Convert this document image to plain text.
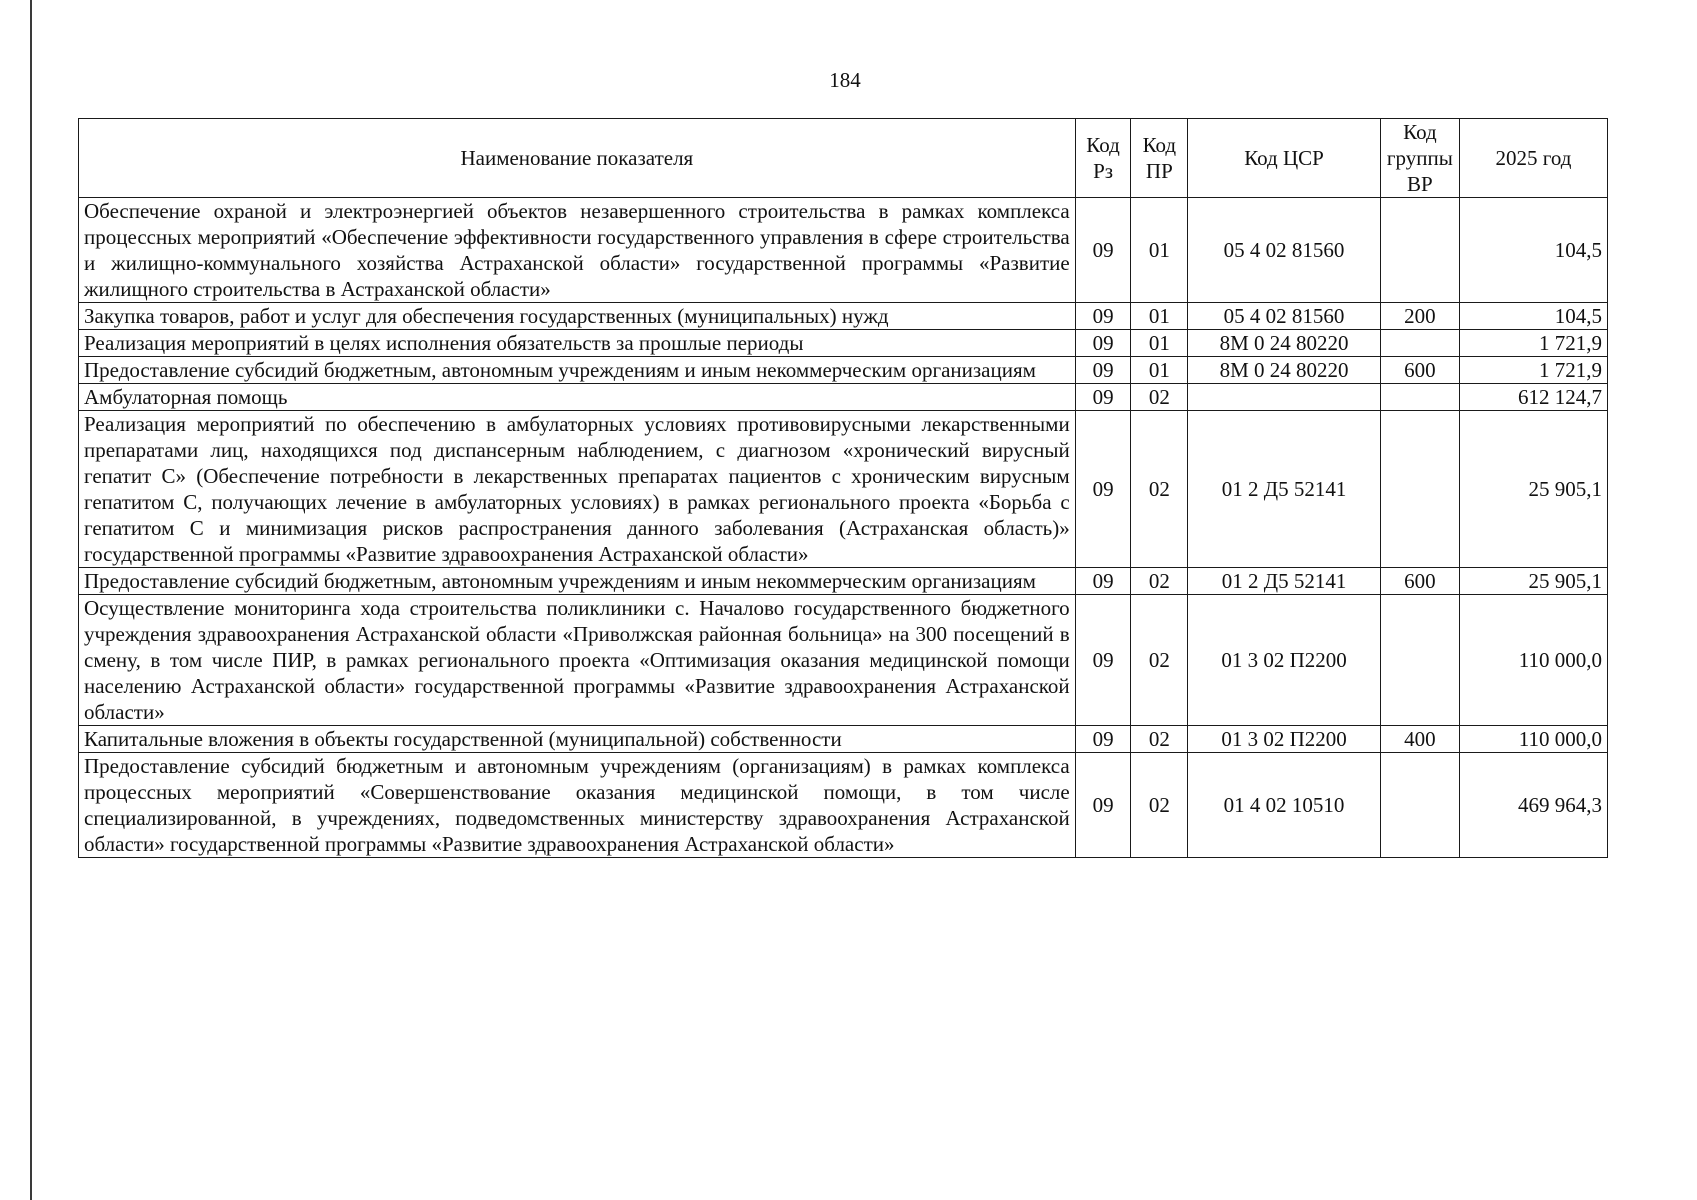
184
Наименование показателя	Код Рз	Код ПР	Код ЦСР	Код группы ВР	2025 год
Обеспечение охраной и электроэнергией объектов незавершенного строительства в рамках комплекса процессных мероприятий «Обеспечение эффективности государственного управления в сфере строительства и жилищно-коммунального хозяйства Астраханской области» государственной программы «Развитие жилищного строительства в Астраханской области»	09	01	05 4 02 81560		104,5
Закупка товаров, работ и услуг для обеспечения государственных (муниципальных) нужд	09	01	05 4 02 81560	200	104,5
Реализация мероприятий в целях исполнения обязательств за прошлые периоды	09	01	8М 0 24 80220		1 721,9
Предоставление субсидий бюджетным, автономным учреждениям и иным некоммерческим организациям	09	01	8М 0 24 80220	600	1 721,9
Амбулаторная помощь	09	02			612 124,7
Реализация мероприятий по обеспечению в амбулаторных условиях противовирусными лекарственными препаратами лиц, находящихся под диспансерным наблюдением, с диагнозом «хронический вирусный гепатит С» (Обеспечение потребности в лекарственных препаратах пациентов с хроническим вирусным гепатитом С, получающих лечение в амбулаторных условиях) в рамках регионального проекта «Борьба с гепатитом С и минимизация рисков распространения данного заболевания (Астраханская область)» государственной программы «Развитие здравоохранения Астраханской области»	09	02	01 2 Д5 52141		25 905,1
Предоставление субсидий бюджетным, автономным учреждениям и иным некоммерческим организациям	09	02	01 2 Д5 52141	600	25 905,1
Осуществление мониторинга хода строительства поликлиники с. Началово государственного бюджетного учреждения здравоохранения Астраханской области «Приволжская районная больница» на 300 посещений в смену, в том числе ПИР, в рамках регионального проекта «Оптимизация оказания медицинской помощи населению Астраханской области» государственной программы «Развитие здравоохранения Астраханской области»	09	02	01 3 02 П2200		110 000,0
Капитальные вложения в объекты государственной (муниципальной) собственности	09	02	01 3 02 П2200	400	110 000,0
Предоставление субсидий бюджетным и автономным учреждениям (организациям) в рамках комплекса процессных мероприятий «Совершенствование оказания медицинской помощи, в том числе специализированной, в учреждениях, подведомственных министерству здравоохранения Астраханской области» государственной программы «Развитие здравоохранения Астраханской области»	09	02	01 4 02 10510		469 964,3
